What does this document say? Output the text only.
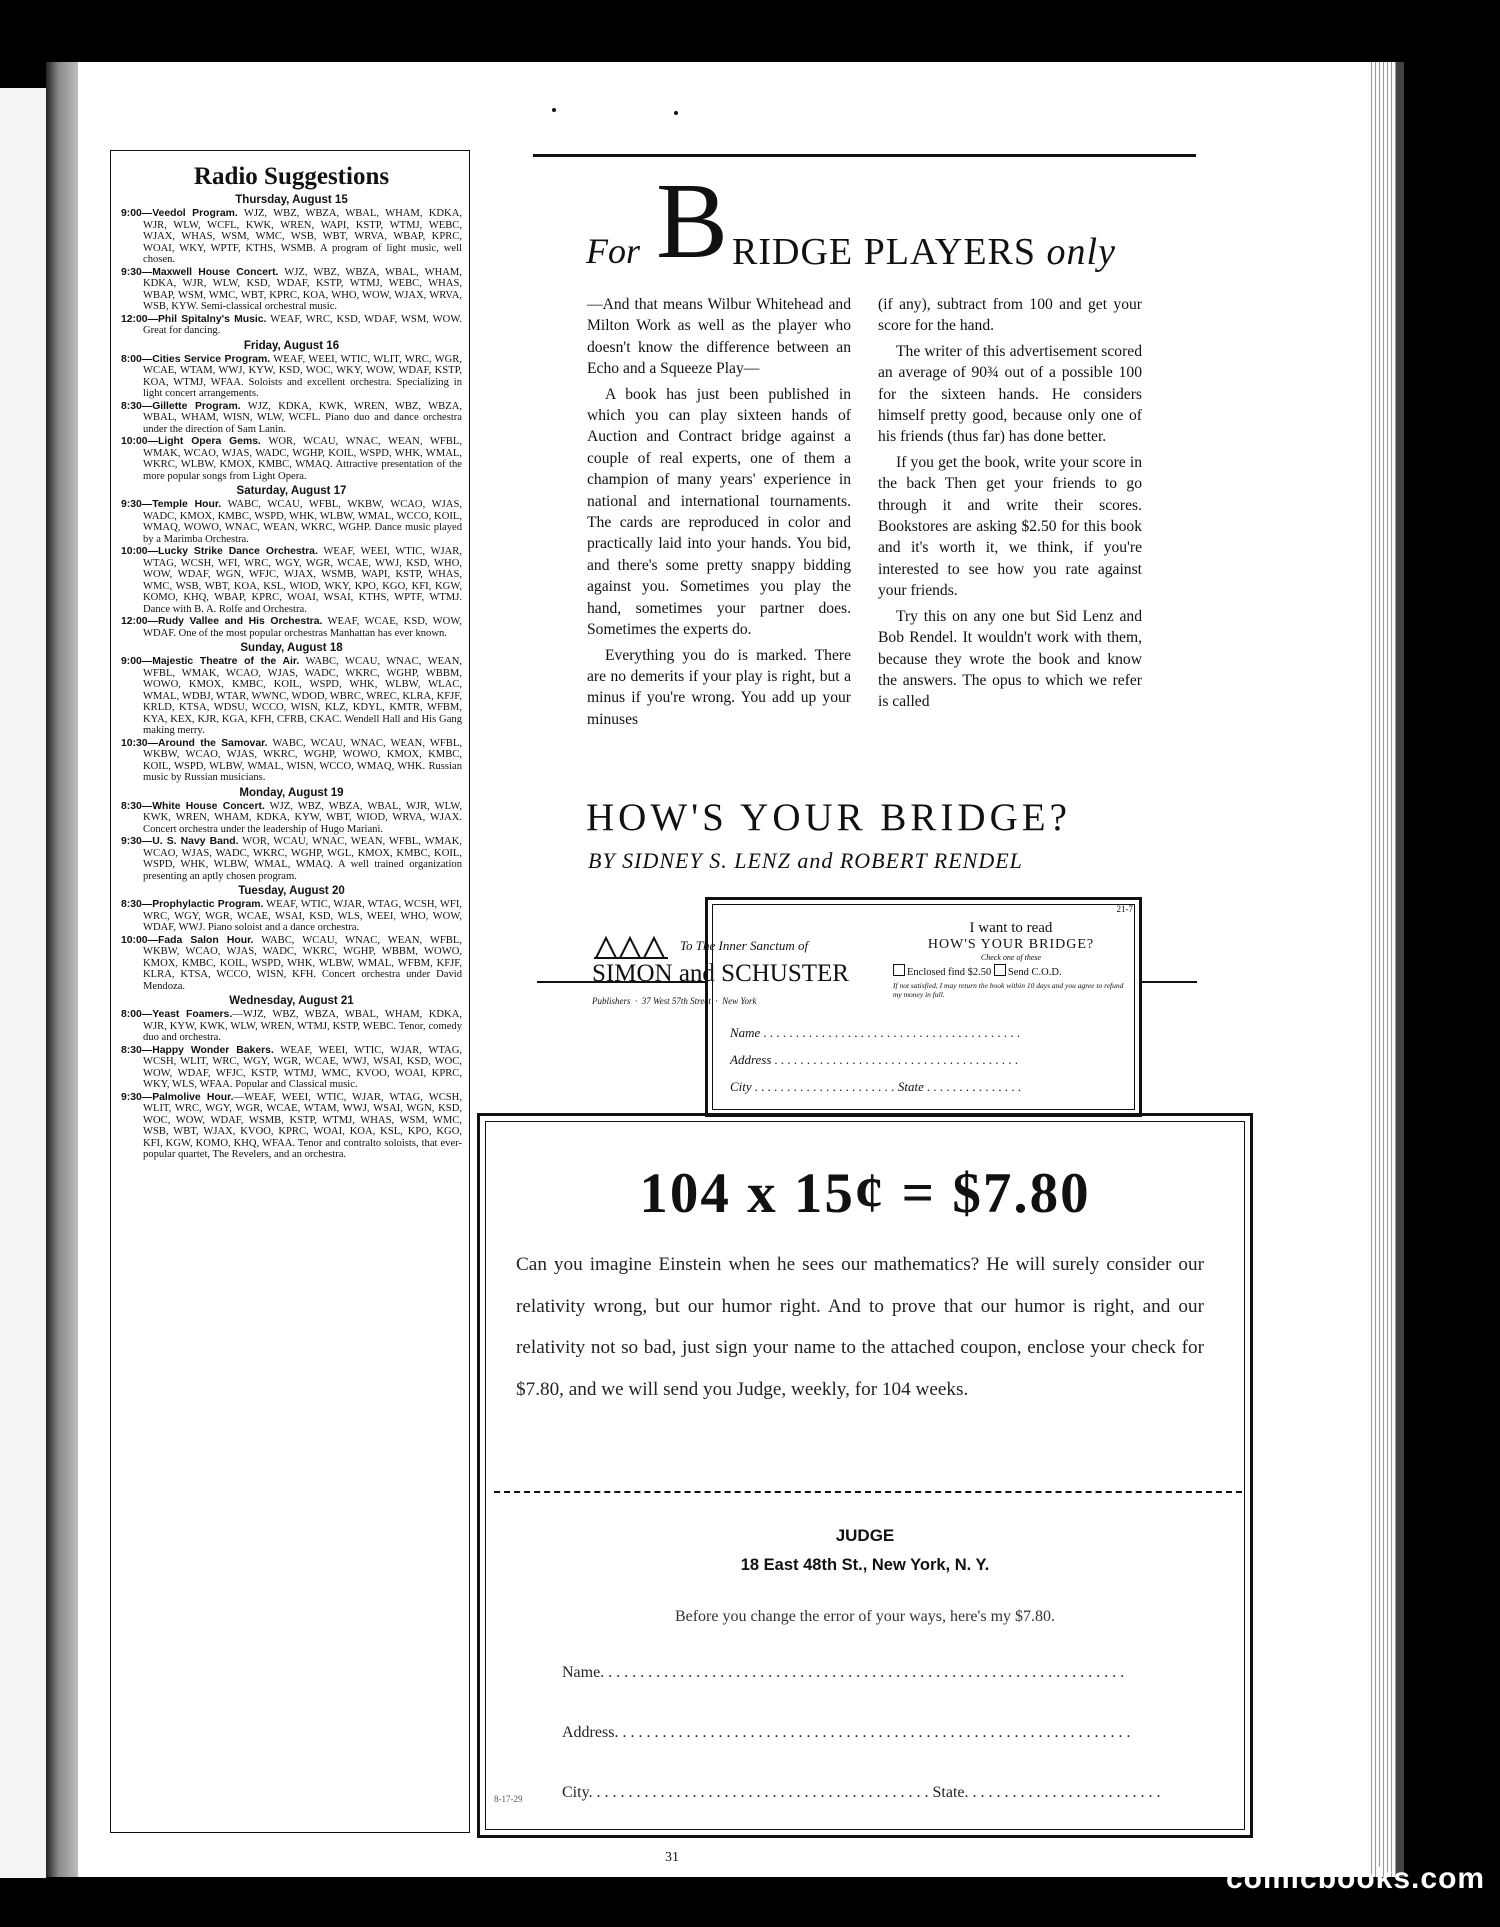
Radio Suggestions
Thursday, August 15
9:00—Veedol Program. WJZ, WBZ, WBZA, WBAL, WHAM, KDKA, WJR, WLW, WCFL, KWK, WREN, WAPI, KSTP, WTMJ, WEBC, WJAX, WHAS, WSM, WMC, WSB, WBT, WRVA, WBAP, KPRC, WOAI, WKY, WPTF, KTHS, WSMB. A program of light music, well chosen.
9:30—Maxwell House Concert. WJZ, WBZ, WBZA, WBAL, WHAM, KDKA, WJR, WLW, KSD, WDAF, KSTP, WTMJ, WEBC, WHAS, WBAP, WSM, WMC, WBT, KPRC, KOA, WHO, WOW, WJAX, WRVA, WSB, KYW. Semi-classical orchestral music.
12:00—Phil Spitalny's Music. WEAF, WRC, KSD, WDAF, WSM, WOW. Great for dancing.
Friday, August 16
8:00—Cities Service Program. WEAF, WEEI, WTIC, WLIT, WRC, WGR, WCAE, WTAM, WWJ, KYW, KSD, WOC, WKY, WOW, WDAF, KSTP, KOA, WTMJ, WFAA. Soloists and excellent orchestra. Specializing in light concert arrangements.
8:30—Gillette Program. WJZ, KDKA, KWK, WREN, WBZ, WBZA, WBAL, WHAM, WISN, WLW, WCFL. Piano duo and dance orchestra under the direction of Sam Lanin.
10:00—Light Opera Gems. WOR, WCAU, WNAC, WEAN, WFBL, WMAK, WCAO, WJAS, WADC, WGHP, KOIL, WSPD, WHK, WMAL, WKRC, WLBW, KMOX, KMBC, WMAQ. Attractive presentation of the more popular songs from Light Opera.
Saturday, August 17
9:30—Temple Hour. WABC, WCAU, WFBL, WKBW, WCAO, WJAS, WADC, KMOX, KMBC, WSPD, WHK, WLBW, WMAL, WCCO, KOIL, WMAQ, WOWO, WNAC, WEAN, WKRC, WGHP. Dance music played by a Marimba Orchestra.
10:00—Lucky Strike Dance Orchestra. WEAF, WEEI, WTIC, WJAR, WTAG, WCSH, WFI, WRC, WGY, WGR, WCAE, WWJ, KSD, WHO, WOW, WDAF, WGN, WFJC, WJAX, WSMB, WAPI, KSTP, WHAS, WMC, WSB, WBT, KOA, KSL, WIOD, WKY, KPO, KGO, KFI, KGW, KOMO, KHQ, WBAP, KPRC, WOAI, WSAI, KTHS, WPTF, WTMJ. Dance with B. A. Rolfe and Orchestra.
12:00—Rudy Vallee and His Orchestra. WEAF, WCAE, KSD, WOW, WDAF. One of the most popular orchestras Manhattan has ever known.
Sunday, August 18
9:00—Majestic Theatre of the Air. WABC, WCAU, WNAC, WEAN, WFBL, WMAK, WCAO, WJAS, WADC, WKRC, WGHP, WBBM, WOWO, KMOX, KMBC, KOIL, WSPD, WHK, WLBW, WLAC, WMAL, WDBJ, WTAR, WWNC, WDOD, WBRC, WREC, KLRA, KFJF, KRLD, KTSA, WDSU, WCCO, WISN, KLZ, KDYL, KMTR, WFBM, KYA, KEX, KJR, KGA, KFH, CFRB, CKAC. Wendell Hall and His Gang making merry.
10:30—Around the Samovar. WABC, WCAU, WNAC, WEAN, WFBL, WKBW, WCAO, WJAS, WKRC, WGHP, WOWO, KMOX, KMBC, KOIL, WSPD, WLBW, WMAL, WISN, WCCO, WMAQ, WHK. Russian music by Russian musicians.
Monday, August 19
8:30—White House Concert. WJZ, WBZ, WBZA, WBAL, WJR, WLW, KWK, WREN, WHAM, KDKA, KYW, WBT, WIOD, WRVA, WJAX. Concert orchestra under the leadership of Hugo Mariani.
9:30—U. S. Navy Band. WOR, WCAU, WNAC, WEAN, WFBL, WMAK, WCAO, WJAS, WADC, WKRC, WGHP, WGL, KMOX, KMBC, KOIL, WSPD, WHK, WLBW, WMAL, WMAQ. A well trained organization presenting an aptly chosen program.
Tuesday, August 20
8:30—Prophylactic Program. WEAF, WTIC, WJAR, WTAG, WCSH, WFI, WRC, WGY, WGR, WCAE, WSAI, KSD, WLS, WEEI, WHO, WOW, WDAF, WWJ. Piano soloist and a dance orchestra.
10:00—Fada Salon Hour. WABC, WCAU, WNAC, WEAN, WFBL, WKBW, WCAO, WJAS, WADC, WKRC, WGHP, WBBM, WOWO, KMOX, KMBC, KOIL, WSPD, WHK, WLBW, WMAL, WFBM, KFJF, KLRA, KTSA, WCCO, WISN, KFH. Concert orchestra under David Mendoza.
Wednesday, August 21
8:00—Yeast Foamers.—WJZ, WBZ, WBZA, WBAL, WHAM, KDKA, WJR, KYW, KWK, WLW, WREN, WTMJ, KSTP, WEBC. Tenor, comedy duo and orchestra.
8:30—Happy Wonder Bakers. WEAF, WEEI, WTIC, WJAR, WTAG, WCSH, WLIT, WRC, WGY, WGR, WCAE, WWJ, WSAI, KSD, WOC, WOW, WDAF, WFJC, KSTP, WTMJ, WMC, KVOO, WOAI, KPRC, WKY, WLS, WFAA. Popular and Classical music.
9:30—Palmolive Hour.—WEAF, WEEI, WTIC, WJAR, WTAG, WCSH, WLIT, WRC, WGY, WGR, WCAE, WTAM, WWJ, WSAI, WGN, KSD, WOC, WOW, WDAF, WSMB, KSTP, WTMJ, WHAS, WSM, WMC, WSB, WBT, WJAX, KVOO, KPRC, WOAI, KOA, KSL, KPO, KGO, KFI, KGW, KOMO, KHQ, WFAA. Tenor and contralto soloists, that ever-popular quartet, The Revelers, and an orchestra.
For B RIDGE PLAYERS only

—And that means Wilbur Whitehead and Milton Work as well as the player who doesn't know the difference between an Echo and a Squeeze Play—

A book has just been published in which you can play sixteen hands of Auction and Contract bridge against a couple of real experts, one of them a champion of many years' experience in national and international tournaments. The cards are reproduced in color and practically laid into your hands. You bid, and there's some pretty snappy bidding against you. Sometimes you play the hand, sometimes your partner does. Sometimes the experts do.

Everything you do is marked. There are no demerits if your play is right, but a minus if you're wrong. You add up your minuses

(if any), subtract from 100 and get your score for the hand.

The writer of this advertisement scored an average of 90¾ out of a possible 100 for the sixteen hands. He considers himself pretty good, because only one of his friends (thus far) has done better.

If you get the book, write your score in the back Then get your friends to go through it and write their scores. Bookstores are asking $2.50 for this book and it's worth it, we think, if you're interested to see how you rate against your friends.

Try this on any one but Sid Lenz and Bob Rendel. It wouldn't work with them, because they wrote the book and know the answers. The opus to which we refer is called

HOW'S YOUR BRIDGE?
BY SIDNEY S. LENZ and ROBERT RENDEL
To The Inner Sanctum of
SIMON and SCHUSTER
Publishers  ·  37 West 57th Street  ·  New York
21-7
I want to read
HOW'S YOUR BRIDGE?
Check one of these
Enclosed find $2.50 Send C.O.D.
If not satisfied, I may return the book within 10 days and you agree to refund my money in full.
Name . . . . . . . . . . . . . . . . . . . . . . . . . . . . . . . . . . . . . . . .
Address . . . . . . . . . . . . . . . . . . . . . . . . . . . . . . . . . . . . . .
City . . . . . . . . . . . . . . . . . . . . . . State . . . . . . . . . . . . . . .
104 x 15¢ = $7.80
Can you imagine Einstein when he sees our mathematics? He will surely consider our relativity wrong, but our humor right. And to prove that our humor is right, and our relativity not so bad, just sign your name to the attached coupon, enclose your check for $7.80, and we will send you Judge, weekly, for 104 weeks.
JUDGE
18 East 48th St., New York, N. Y.
Before you change the error of your ways, here's my $7.80.
Name. . . . . . . . . . . . . . . . . . . . . . . . . . . . . . . . . . . . . . . . . . . . . . . . . . . . . . . . . . . . . . . . . .
Address. . . . . . . . . . . . . . . . . . . . . . . . . . . . . . . . . . . . . . . . . . . . . . . . . . . . . . . . . . . . . . . . .
8-17-29 City. . . . . . . . . . . . . . . . . . . . . . . . . . . . . . . . . . . . . . . . . . . State. . . . . . . . . . . . . . . . . . . . . . . . .
31
comicbooks.com
